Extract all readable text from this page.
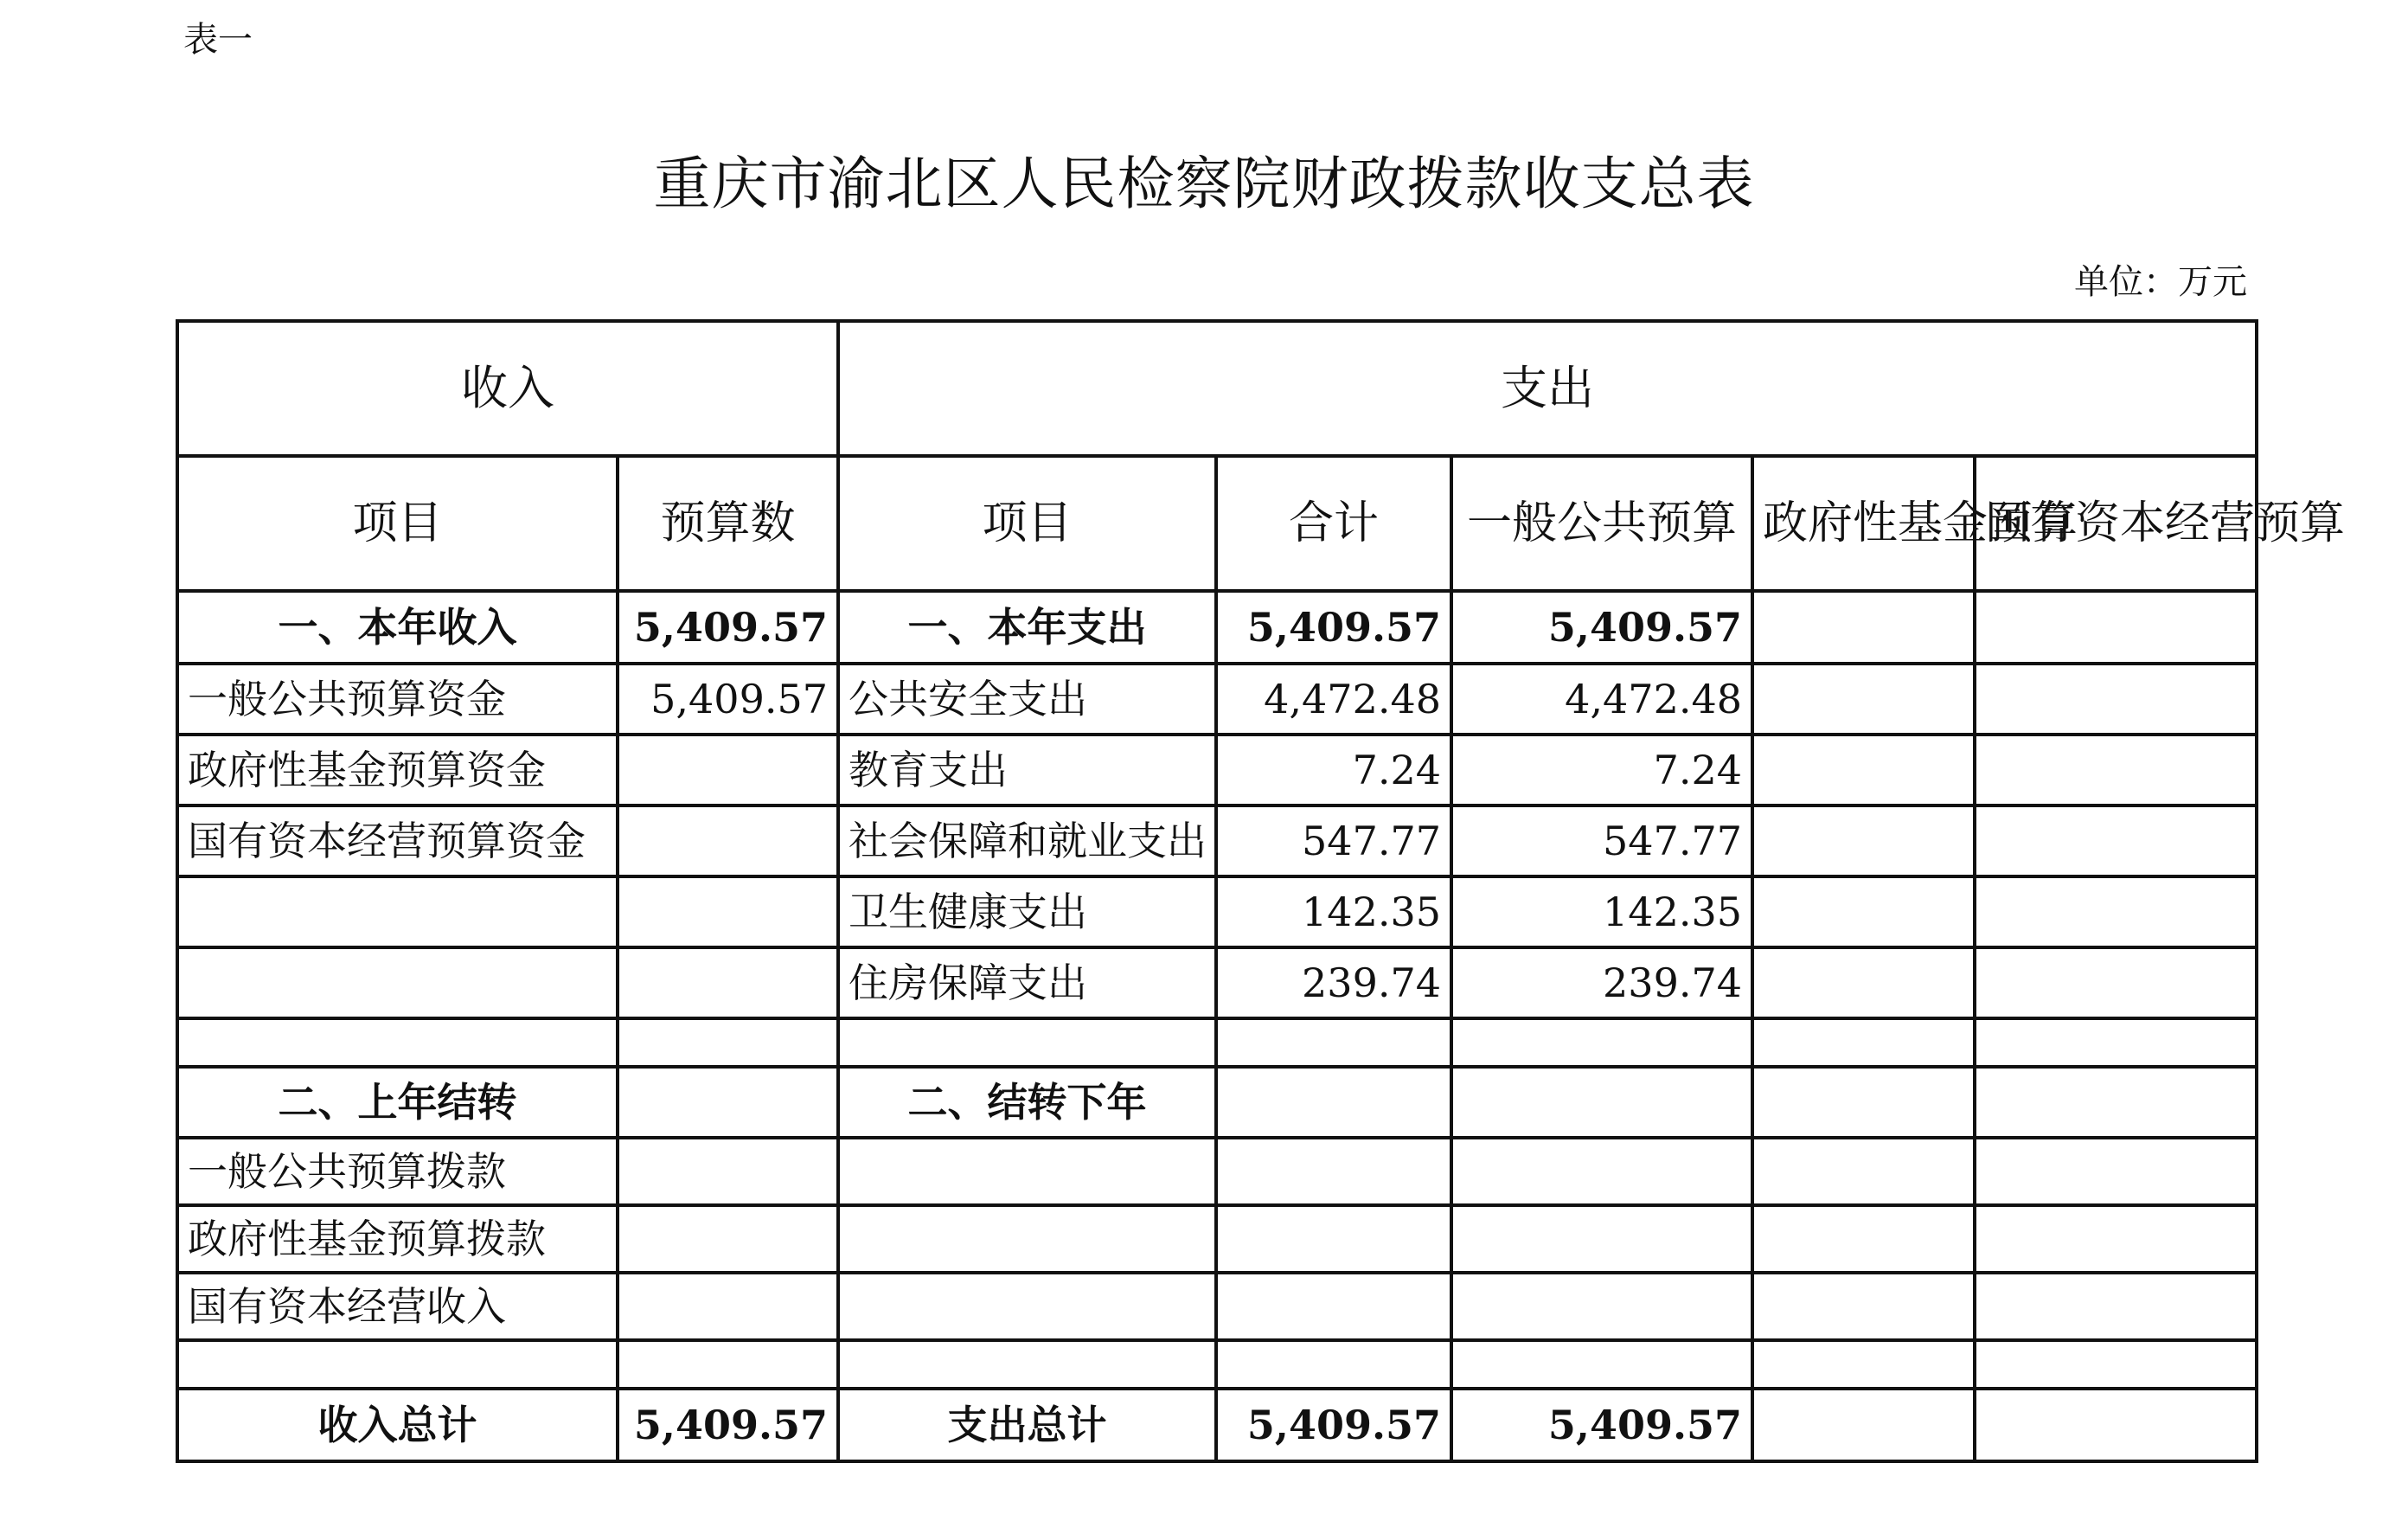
表一
重庆市渝北区人民检察院财政拨款收支总表
单位：万元
收入		支出				
项目	预算数	项目	合计	一般公共预算	政府性基金预算	国有资本经营预算
一、本年收入	5,409.57	一、本年支出	5,409.57	5,409.57		
一般公共预算资金	5,409.57	公共安全支出	4,472.48	4,472.48		
政府性基金预算资金		教育支出	7.24	7.24		
国有资本经营预算资金		社会保障和就业支出	547.77	547.77		
		卫生健康支出	142.35	142.35		
		住房保障支出	239.74	239.74		

二、上年结转		二、结转下年				
一般公共预算拨款						
政府性基金预算拨款						
国有资本经营收入						

收入总计	5,409.57	支出总计	5,409.57	5,409.57		
